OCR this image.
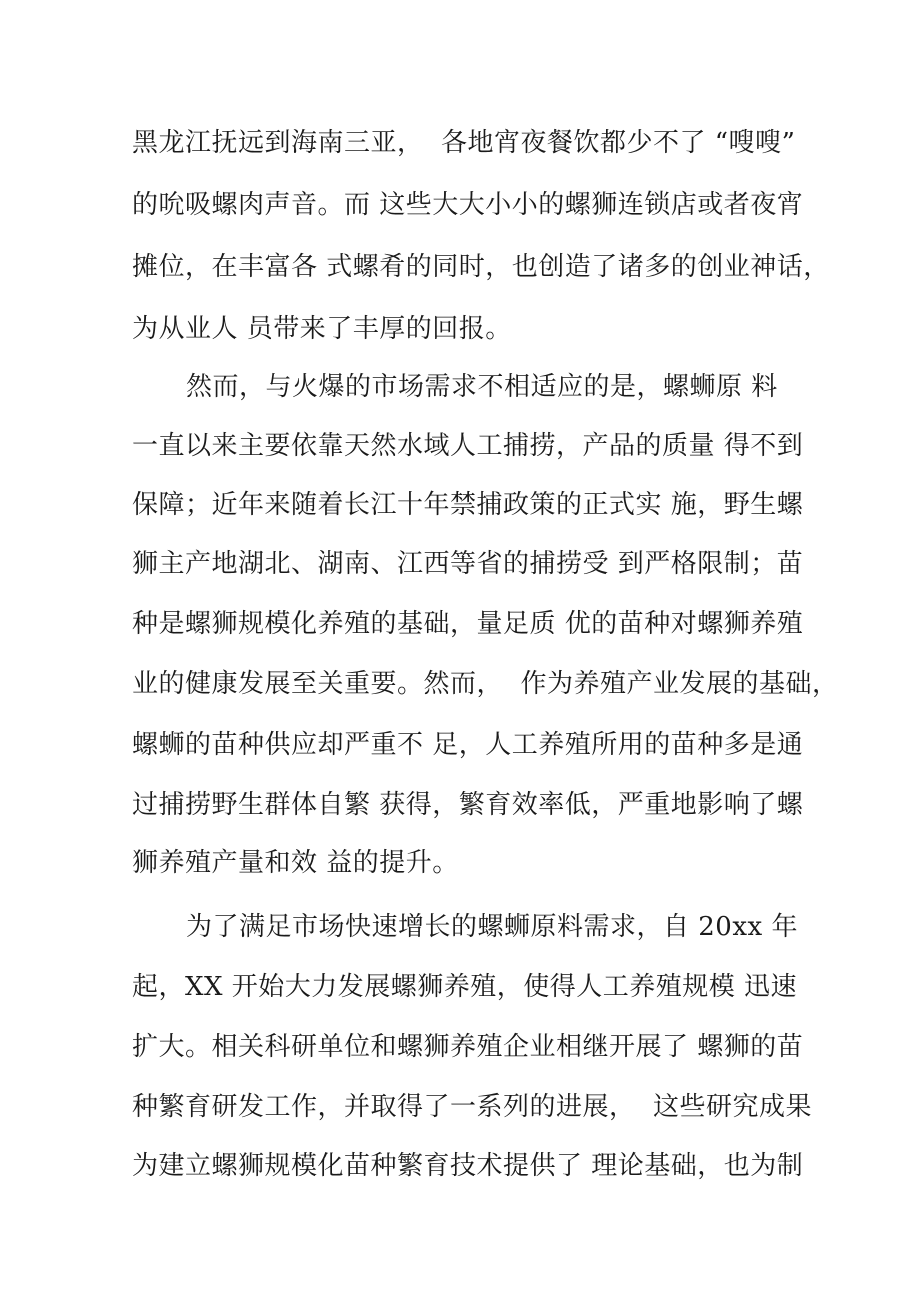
黑龙江抚远到海南三亚，  各地宵夜餐饮都少不了 “嗖嗖”
的吮吸螺肉声音。而 这些大大小小的螺狮连锁店或者夜宵
摊位，在丰富各 式螺肴的同时，也创造了诸多的创业神话，
为从业人 员带来了丰厚的回报。
然而，与火爆的市场需求不相适应的是，螺蛳原 料
一直以来主要依靠天然水域人工捕捞，产品的质量 得不到
保障；近年来随着长江十年禁捕政策的正式实 施，野生螺
狮主产地湖北、湖南、江西等省的捕捞受 到严格限制；苗
种是螺狮规模化养殖的基础，量足质 优的苗种对螺狮养殖
业的健康发展至关重要。然而，  作为养殖产业发展的基础，
螺蛳的苗种供应却严重不 足，人工养殖所用的苗种多是通
过捕捞野生群体自繁 获得，繁育效率低，严重地影响了螺
狮养殖产量和效 益的提升。
为了满足市场快速增长的螺蛳原料需求，自 20xx 年
起，XX 开始大力发展螺狮养殖，使得人工养殖规模 迅速
扩大。相关科研单位和螺狮养殖企业相继开展了 螺狮的苗
种繁育研发工作，并取得了一系列的进展，  这些研究成果
为建立螺狮规模化苗种繁育技术提供了 理论基础，也为制
